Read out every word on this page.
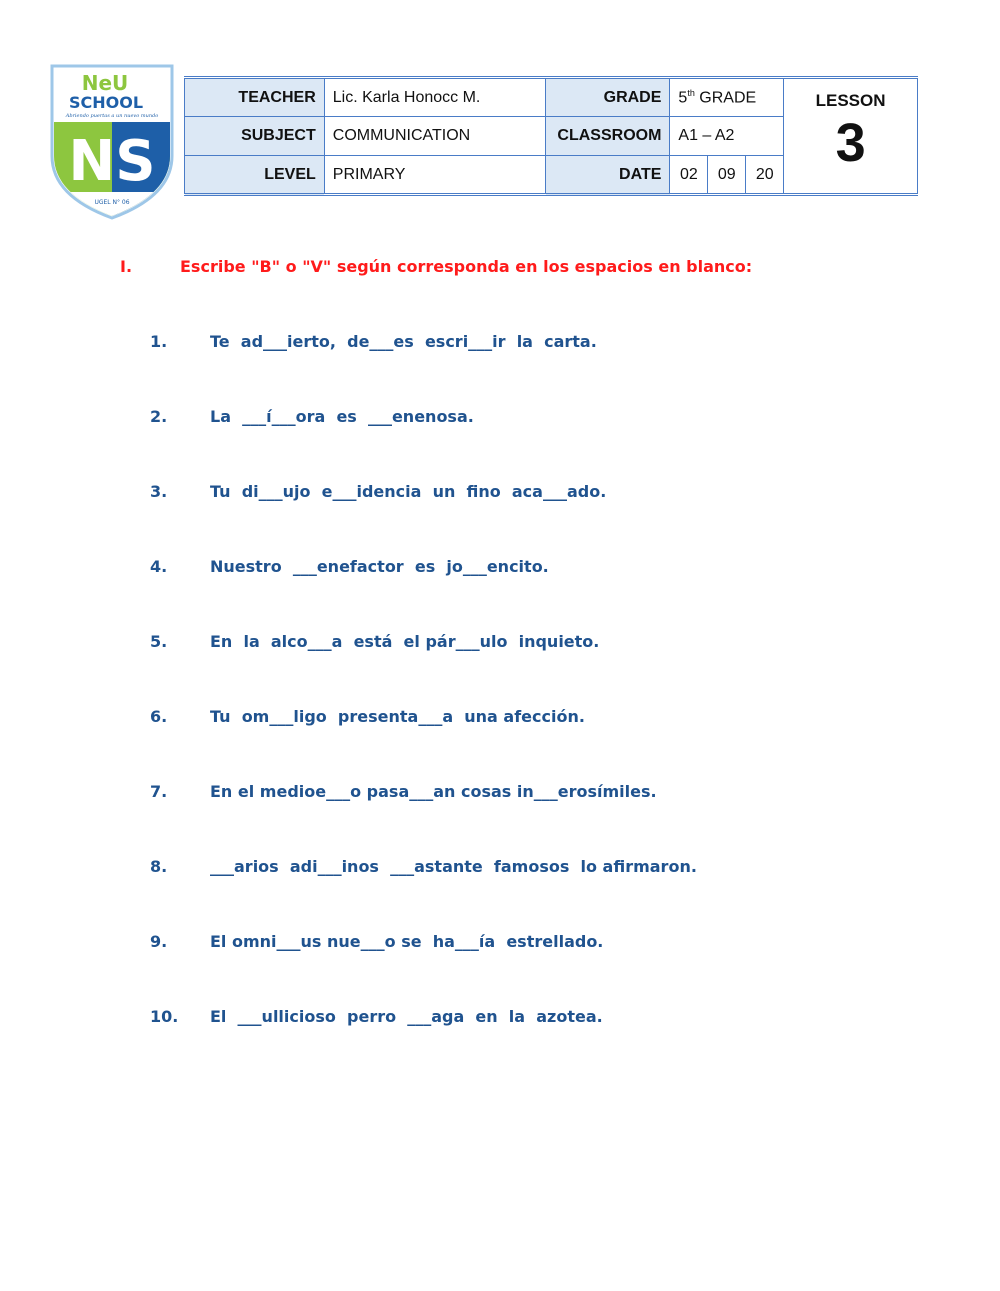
NeU
SCHOOL
Abriendo puertas a un nuevo mundo
NS
UGEL N° 06
TEACHER	Lic. Karla Honocc M.	GRADE	5th GRADE			LESSON
3

SUBJECT	COMMUNICATION	CLASSROOM	A1 – A2			
LEVEL	PRIMARY	DATE	02	09	20	
I.	Escribe "B" o "V" según corresponda en los espacios en blanco:
1.	Te  ad___ierto,  de___es  escri___ir  la  carta.
2.	La  ___í___ora  es  ___enenosa.
3.	Tu  di___ujo  e___idencia  un  fino  aca___ado.
4.	Nuestro  ___enefactor  es  jo___encito.
5.	En  la  alco___a  está  el pár___ulo  inquieto.
6.	Tu  om___ligo  presenta___a  una afección.
7.	En el medioe___o pasa___an cosas in___erosímiles.
8.	___arios  adi___inos  ___astante  famosos  lo afirmaron.
9.	El omni___us nue___o se  ha___ía  estrellado.
10. El  ___ullicioso  perro  ___aga  en  la  azotea.
